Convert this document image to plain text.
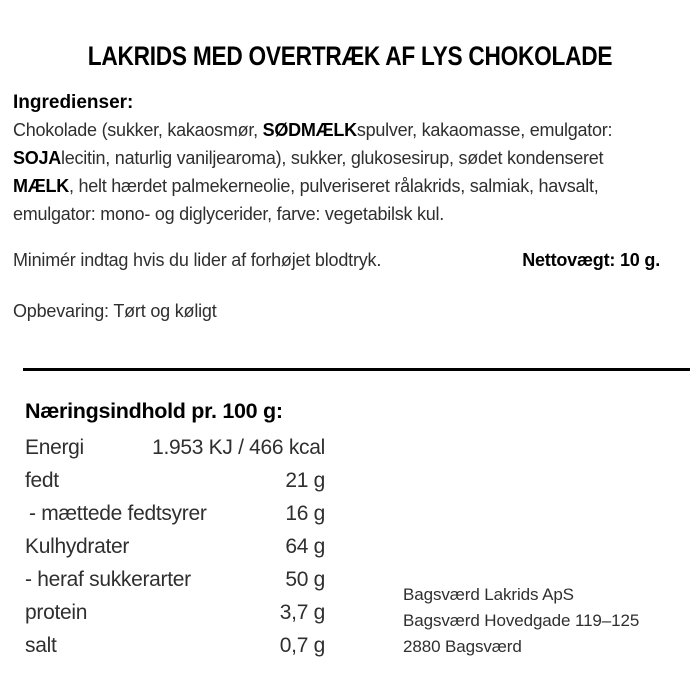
LAKRIDS MED OVERTRÆK AF LYS CHOKOLADE
Ingredienser:
Chokolade (sukker, kakaosmør, SØDMÆLKspulver, kakaomasse, emulgator:
SOJAlecitin, naturlig vaniljearoma), sukker, glukosesirup, sødet kondenseret
MÆLK, helt hærdet palmekerneolie, pulveriseret rålakrids, salmiak, havsalt,
emulgator: mono- og diglycerider, farve: vegetabilsk kul.
Minimér indtag hvis du lider af forhøjet blodtryk.	Nettovægt: 10 g.
Opbevaring: Tørt og køligt
Næringsindhold pr. 100 g:
Energi	1.953 KJ / 466 kcal
fedt	21 g
- mættede fedtsyrer	16 g
Kulhydrater	64 g
- heraf sukkerarter	50 g
protein	3,7 g
salt	0,7 g
Bagsværd Lakrids ApS
Bagsværd Hovedgade 119–125
2880 Bagsværd
